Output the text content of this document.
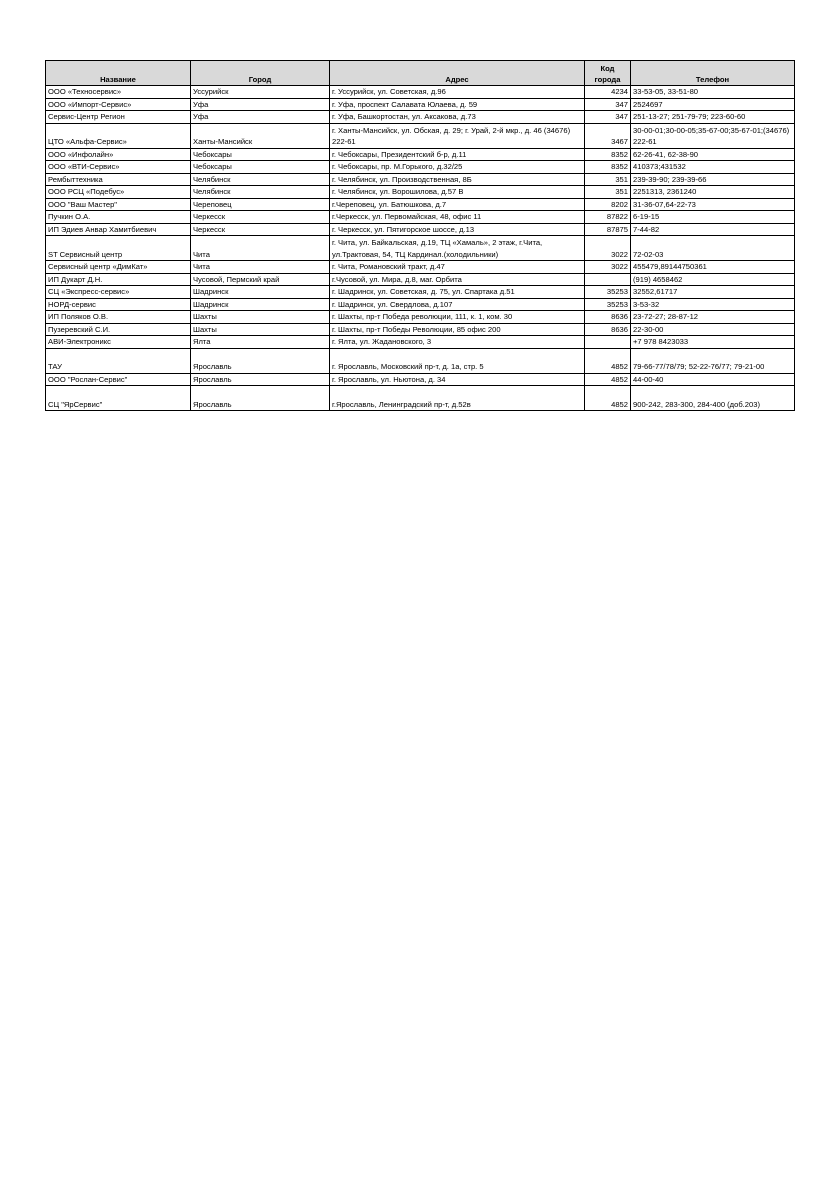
Название	Город	Адрес	Код города	Телефон
ООО «Техносервис»	Уссурийск	г. Уссурийск, ул. Советская, д.96	4234	33-53-05, 33-51-80
ООО «Импорт-Сервис»	Уфа	г. Уфа, проспект Салавата Юлаева, д. 59	347	2524697
Сервис-Центр Регион	Уфа	г. Уфа, Башкортостан, ул. Аксакова, д.73	347	251-13-27; 251-79-79; 223-60-60
ЦТО «Альфа-Сервис»	Ханты-Мансийск	г. Ханты-Мансийск, ул. Обская, д. 29; г. Урай, 2-й мкр., д. 46 (34676) 222-61	3467	30-00-01;30-00-05;35-67-00;35-67-01;(34676) 222-61
ООО «Инфолайн»	Чебоксары	г. Чебоксары, Президентский б-р, д.11	8352	62-26-41, 62-38-90
ООО «ВТИ-Сервис»	Чебоксары	г. Чебоксары, пр. М.Горького, д.32/25	8352	410373;431532
Рембыттехника	Челябинск	г. Челябинск, ул. Производственная, 8Б	351	239-39-90; 239-39-66
ООО РСЦ «Подебус»	Челябинск	г. Челябинск, ул. Ворошилова, д.57 В	351	2251313, 2361240
ООО "Ваш Мастер"	Череповец	г.Череповец, ул. Батюшкова, д.7	8202	31-36-07,64-22-73
Пучкин О.А.	Черкесск	г.Черкесск, ул. Первомайская, 48, офис 11	87822	6-19-15
ИП Эдиев Анвар Хамитбиевич	Черкесск	г. Черкесск, ул. Пятигорское шоссе, д.13	87875	7-44-82
ST Сервисный центр	Чита	г. Чита, ул. Байкальская, д.19, ТЦ «Хамаль», 2 этаж, г.Чита, ул.Трактовая, 54, ТЦ Кардинал.(холодильники)	3022	72-02-03
Сервисный центр «ДимКат»	Чита	г. Чита, Романовский тракт, д.47	3022	455479,89144750361
ИП Дукарт Д.Н.	Чусовой, Пермский край	г.Чусовой, ул. Мира, д.8, маг. Орбита		(919) 4658462
СЦ «Экспресс-сервис»	Шадринск	г. Шадринск, ул. Советская, д. 75, ул. Спартака д.51	35253	32552,61717
НОРД-сервис	Шадринск	г. Шадринск, ул. Свердлова, д.107	35253	3-53-32
ИП Поляков О.В.	Шахты	г. Шахты, пр-т Победа революции, 111, к. 1, ком. 30	8636	23-72-27; 28-87-12
Пузеревский С.И.	Шахты	г. Шахты, пр-т Победы Революции, 85 офис 200	8636	22-30-00
АВИ-Электроникс	Ялта	г. Ялта, ул. Жадановского, 3		+7 978 8423033
ТАУ	Ярославль	г. Ярославль, Московский пр-т, д. 1а, стр. 5	4852	79-66-77/78/79; 52-22-76/77; 79-21-00
ООО "Рослан-Сервис"	Ярославль	г. Ярославль, ул. Ньютона, д. 34	4852	44-00-40
СЦ "ЯрСервис"	Ярославль	г.Ярославль, Ленинградский пр-т, д.52в	4852	900-242, 283-300, 284-400 (доб.203)
